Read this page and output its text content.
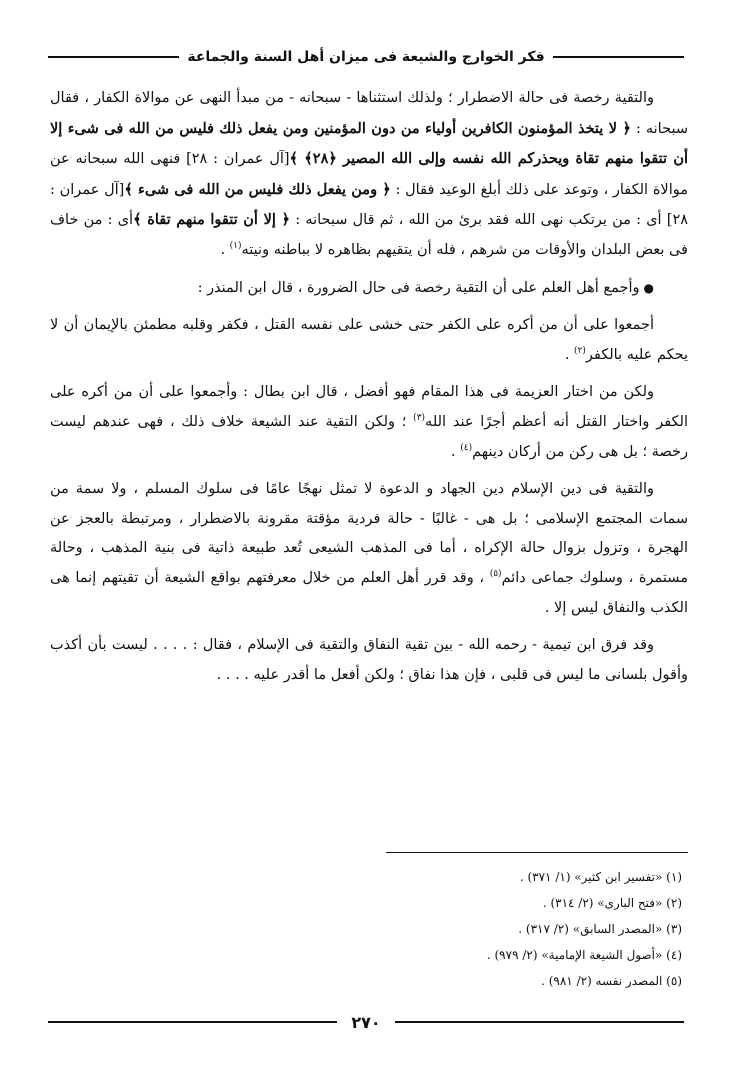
فكر الخوارج والشيعة فى ميزان أهل السنة والجماعة

والتقية رخصة فى حالة الاضطرار ؛ ولذلك استثناها - سبحانه - من مبدأ النهى عن موالاة الكفار ، فقال سبحانه : ﴿ لا يتخذ المؤمنون الكافرين أولياء من دون المؤمنين ومن يفعل ذلك فليس من الله فى شىء إلا أن تتقوا منهم تقاة ويحذركم الله نفسه وإلى الله المصير ﴿٢٨﴾ ﴾[آل عمران : ٢٨] فنهى الله سبحانه عن موالاة الكفار ، وتوعد على ذلك أبلغ الوعيد فقال : ﴿ ومن يفعل ذلك فليس من الله فى شىء ﴾[آل عمران : ٢٨] أى : من يرتكب نهى الله فقد برئ من الله ، ثم قال سبحانه : ﴿ إلا أن تتقوا منهم تقاة ﴾أى : من خاف فى بعض البلدان والأوقات من شرهم ، فله أن يتقيهم بظاهره لا بباطنه ونيته$^{(١)}$ .

●وأجمع أهل العلم على أن التقية رخصة فى حال الضرورة ، قال ابن المنذر :

أجمعوا على أن من أكره على الكفر حتى خشى على نفسه القتل ، فكفر وقلبه مطمئن بالإيمان أن لا يحكم عليه بالكفر$^{(٢)}$ .

ولكن من اختار العزيمة فى هذا المقام فهو أفضل ، قال ابن بطال : وأجمعوا على أن من أكره على الكفر واختار القتل أنه أعظم أجرًا عند الله$^{(٣)}$ ؛ ولكن التقية عند الشيعة خلاف ذلك ، فهى عندهم ليست رخصة ؛ بل هى ركن من أركان دينهم$^{(٤)}$ .

والتقية فى دين الإسلام دين الجهاد و الدعوة لا تمثل نهجًا عامًا فى سلوك المسلم ، ولا سمة من سمات المجتمع الإسلامى ؛ بل هى - غالبًا - حالة فردية مؤقتة مقرونة بالاضطرار ، ومرتبطة بالعجز عن الهجرة ، وتزول بزوال حالة الإكراه ، أما فى المذهب الشيعى تُعد طبيعة ذاتية فى بنية المذهب ، وحالة مستمرة ، وسلوك جماعى دائم$^{(٥)}$ ، وقد قرر أهل العلم من خلال معرفتهم بواقع الشيعة أن تقيتهم إنما هى الكذب والنفاق ليس إلا .

وقد فرق ابن تيمية - رحمه الله - بين تقية النفاق والتقية فى الإسلام ، فقال : . . . . ليست بأن أكذب وأقول بلسانى ما ليس فى قلبى ، فإن هذا نفاق ؛ ولكن أفعل ما أقدر عليه . . . .

(١) «تفسير ابن كثير» (١/ ٣٧١) .

(٢) «فتح البارى» (٢/ ٣١٤) .

(٣) «المصدر السابق» (٢/ ٣١٧) .

(٤) «أصول الشيعة الإمامية» (٢/ ٩٧٩) .

(٥) المصدر نفسه (٢/ ٩٨١) .

٢٧٠
